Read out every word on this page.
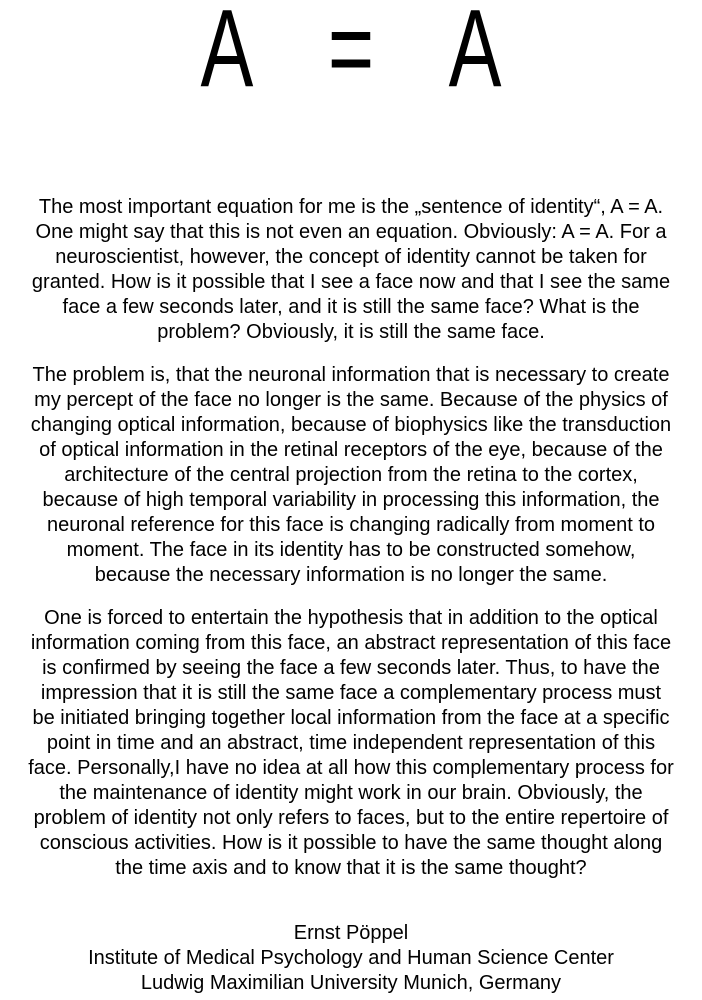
A = A
The most important equation for me is the „sentence of identity“, A = A.
One might say that this is not even an equation. Obviously: A = A. For a
neuroscientist, however, the concept of identity cannot be taken for
granted. How is it possible that I see a face now and that I see the same
face a few seconds later, and it is still the same face? What is the
problem? Obviously, it is still the same face.
The problem is, that the neuronal information that is necessary to create
my percept of the face no longer is the same. Because of the physics of
changing optical information, because of biophysics like the transduction
of optical information in the retinal receptors of the eye, because of the
architecture of the central projection from the retina to the cortex,
because of high temporal variability in processing this information, the
neuronal reference for this face is changing radically from moment to
moment. The face in its identity has to be constructed somehow,
because the necessary information is no longer the same.
One is forced to entertain the hypothesis that in addition to the optical
information coming from this face, an abstract representation of this face
is confirmed by seeing the face a few seconds later. Thus, to have the
impression that it is still the same face a complementary process must
be initiated bringing together local information from the face at a specific
point in time and an abstract, time independent representation of this
face. Personally,I have no idea at all how this complementary process for
the maintenance of identity might work in our brain. Obviously, the
problem of identity not only refers to faces, but to the entire repertoire of
conscious activities. How is it possible to have the same thought along
the time axis and to know that it is the same thought?
Ernst Pöppel
Institute of Medical Psychology and Human Science Center
Ludwig Maximilian University Munich, Germany
